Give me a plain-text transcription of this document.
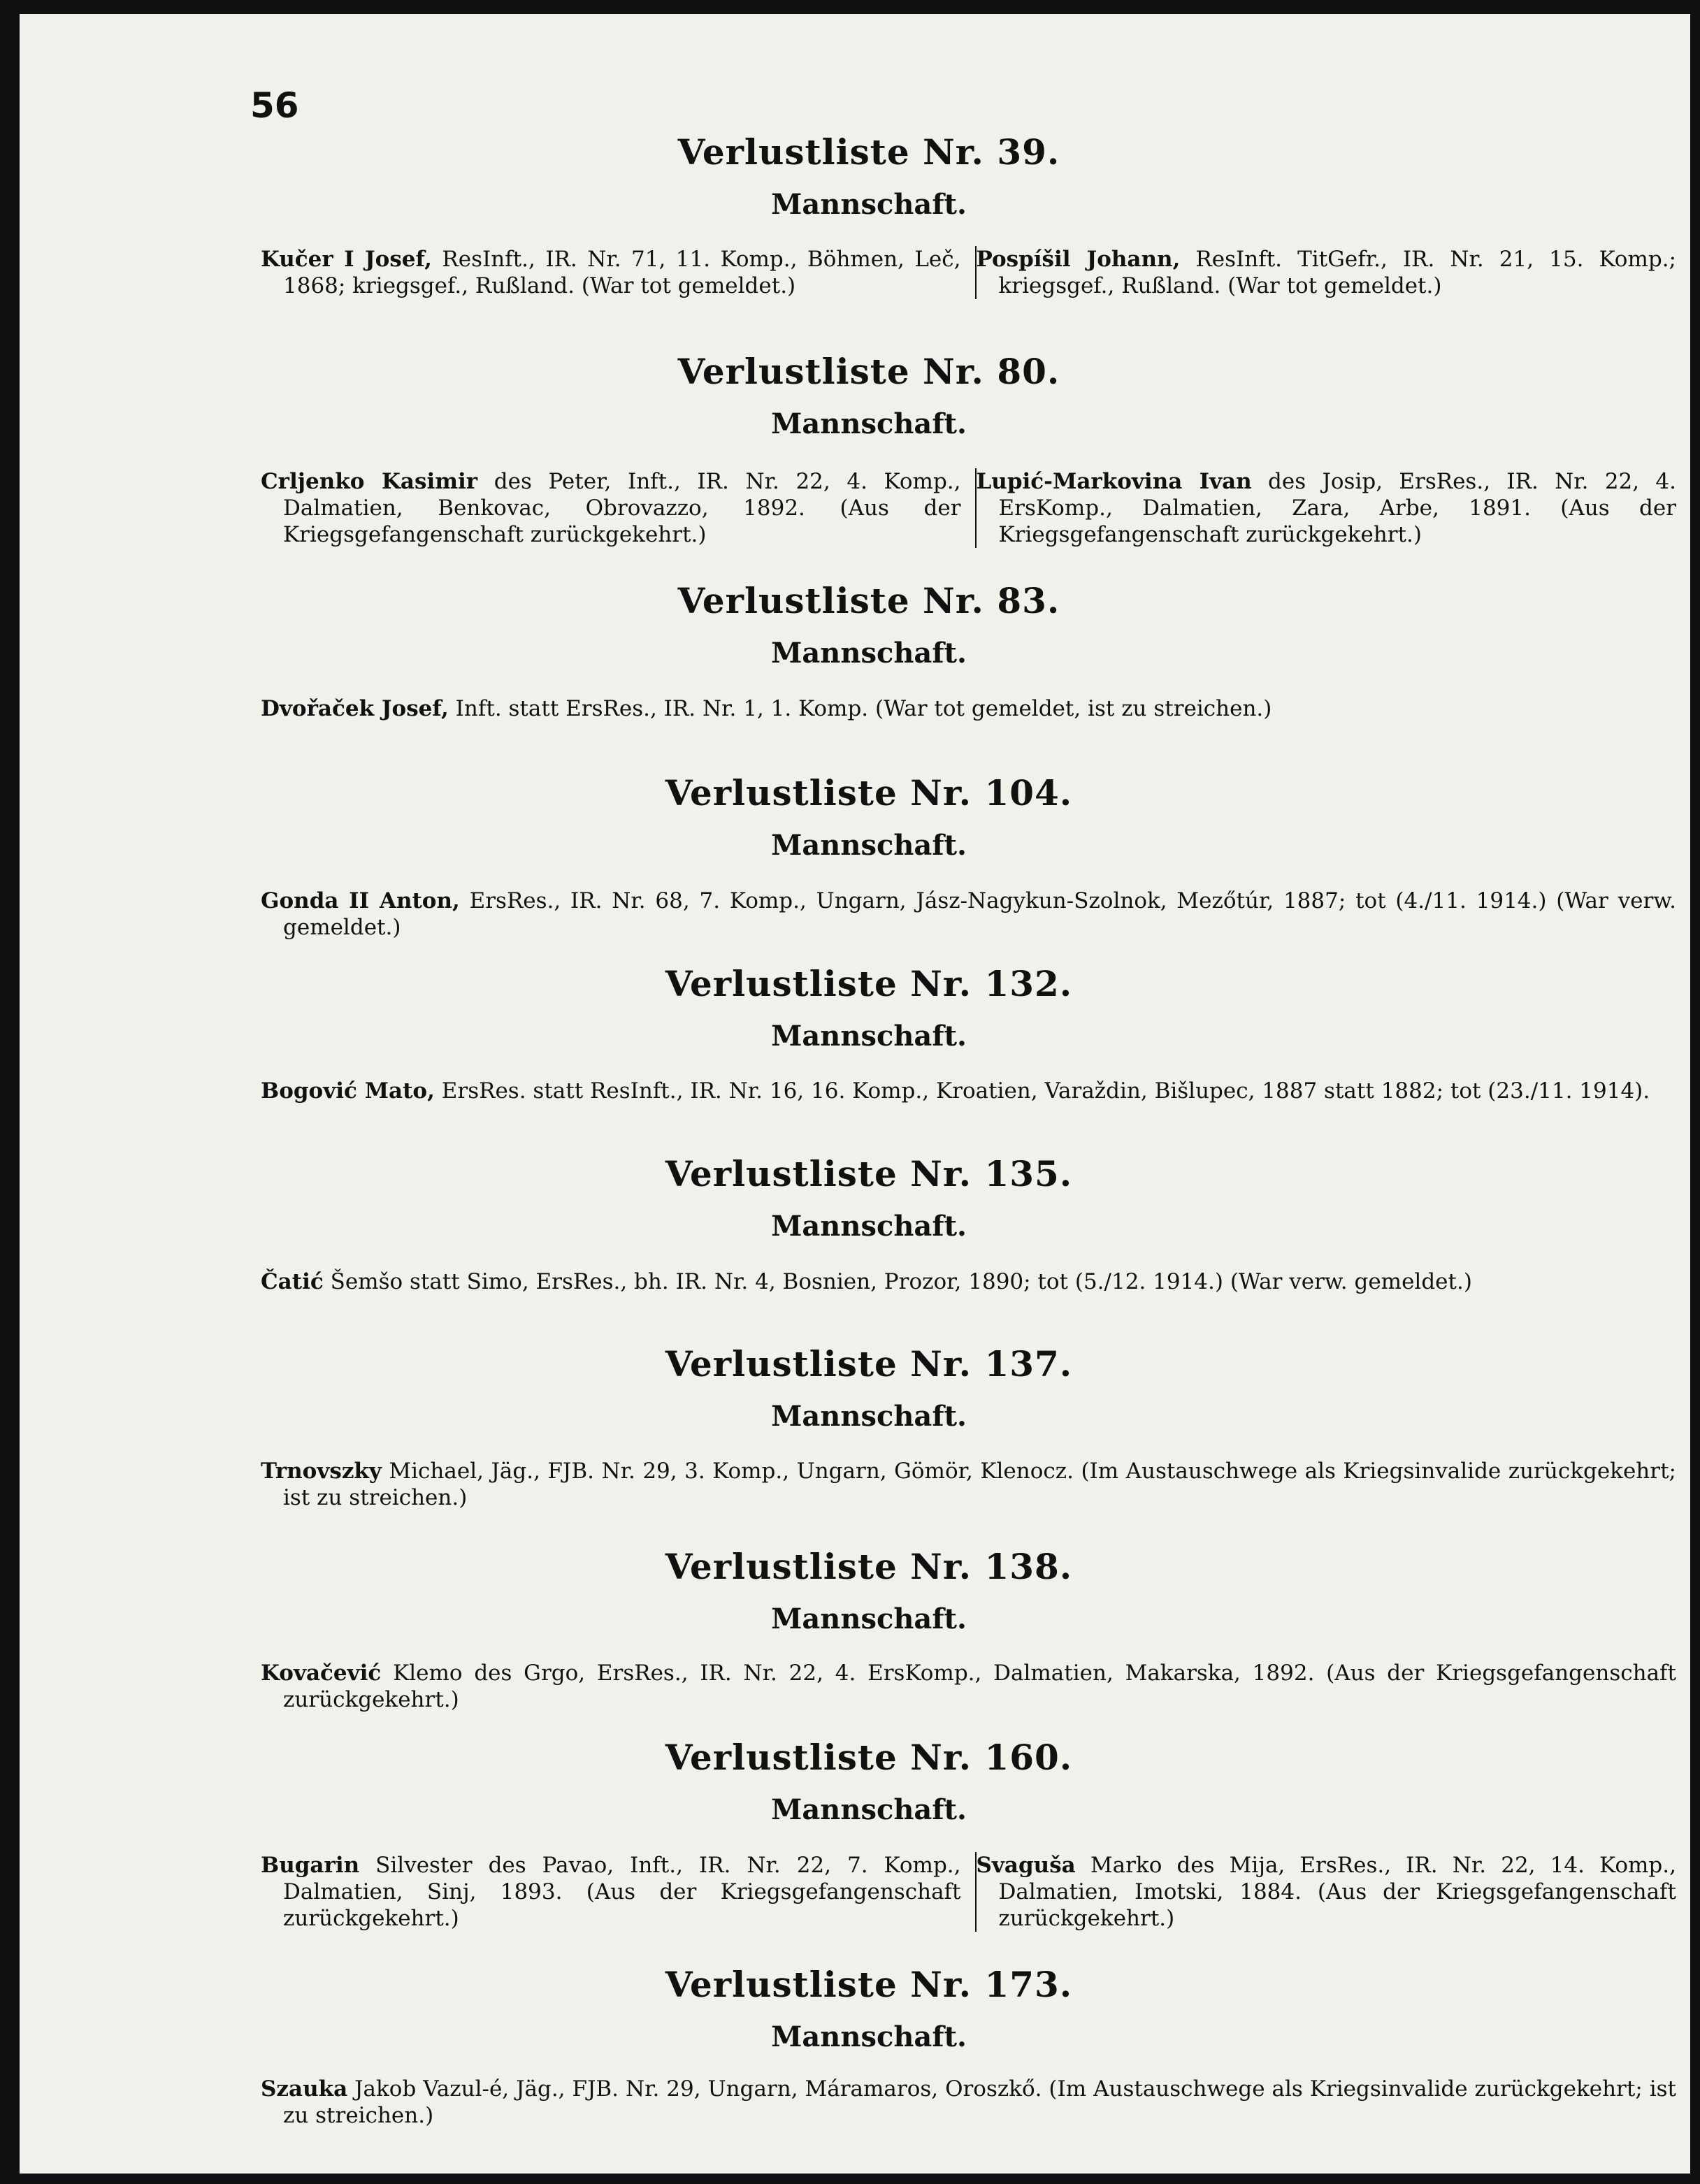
56
Verlustliste Nr. 39.
Mannschaft.
Kučer I Josef, ResInft., IR. Nr. 71, 11. Komp., Böhmen, Leč, 1868; kriegsgef., Rußland. (War tot gemeldet.)
Pospíšil Johann, ResInft. TitGefr., IR. Nr. 21, 15. Komp.; kriegsgef., Rußland. (War tot gemeldet.)
Verlustliste Nr. 80.
Mannschaft.
Crljenko Kasimir des Peter, Inft., IR. Nr. 22, 4. Komp., Dalmatien, Benkovac, Obrovazzo, 1892. (Aus der Kriegsgefangenschaft zurückgekehrt.)
Lupić-Markovina Ivan des Josip, ErsRes., IR. Nr. 22, 4. ErsKomp., Dalmatien, Zara, Arbe, 1891. (Aus der Kriegsgefangenschaft zurückgekehrt.)
Verlustliste Nr. 83.
Mannschaft.
Dvořaček Josef, Inft. statt ErsRes., IR. Nr. 1, 1. Komp. (War tot gemeldet, ist zu streichen.)
Verlustliste Nr. 104.
Mannschaft.
Gonda II Anton, ErsRes., IR. Nr. 68, 7. Komp., Ungarn, Jász-Nagykun-Szolnok, Mezőtúr, 1887; tot (4./11. 1914.) (War verw. gemeldet.)
Verlustliste Nr. 132.
Mannschaft.
Bogović Mato, ErsRes. statt ResInft., IR. Nr. 16, 16. Komp., Kroatien, Varaždin, Bišlupec, 1887 statt 1882; tot (23./11. 1914).
Verlustliste Nr. 135.
Mannschaft.
Čatić Šemšo statt Simo, ErsRes., bh. IR. Nr. 4, Bosnien, Prozor, 1890; tot (5./12. 1914.) (War verw. gemeldet.)
Verlustliste Nr. 137.
Mannschaft.
Trnovszky Michael, Jäg., FJB. Nr. 29, 3. Komp., Ungarn, Gömör, Klenocz. (Im Austauschwege als Kriegsinvalide zurückgekehrt; ist zu streichen.)
Verlustliste Nr. 138.
Mannschaft.
Kovačević Klemo des Grgo, ErsRes., IR. Nr. 22, 4. ErsKomp., Dalmatien, Makarska, 1892. (Aus der Kriegsgefangenschaft zurückgekehrt.)
Verlustliste Nr. 160.
Mannschaft.
Bugarin Silvester des Pavao, Inft., IR. Nr. 22, 7. Komp., Dalmatien, Sinj, 1893. (Aus der Kriegsgefangenschaft zurückgekehrt.)
Svaguša Marko des Mija, ErsRes., IR. Nr. 22, 14. Komp., Dalmatien, Imotski, 1884. (Aus der Kriegsgefangenschaft zurückgekehrt.)
Verlustliste Nr. 173.
Mannschaft.
Szauka Jakob Vazul-é, Jäg., FJB. Nr. 29, Ungarn, Máramaros, Oroszkő. (Im Austauschwege als Kriegsinvalide zurückgekehrt; ist zu streichen.)
